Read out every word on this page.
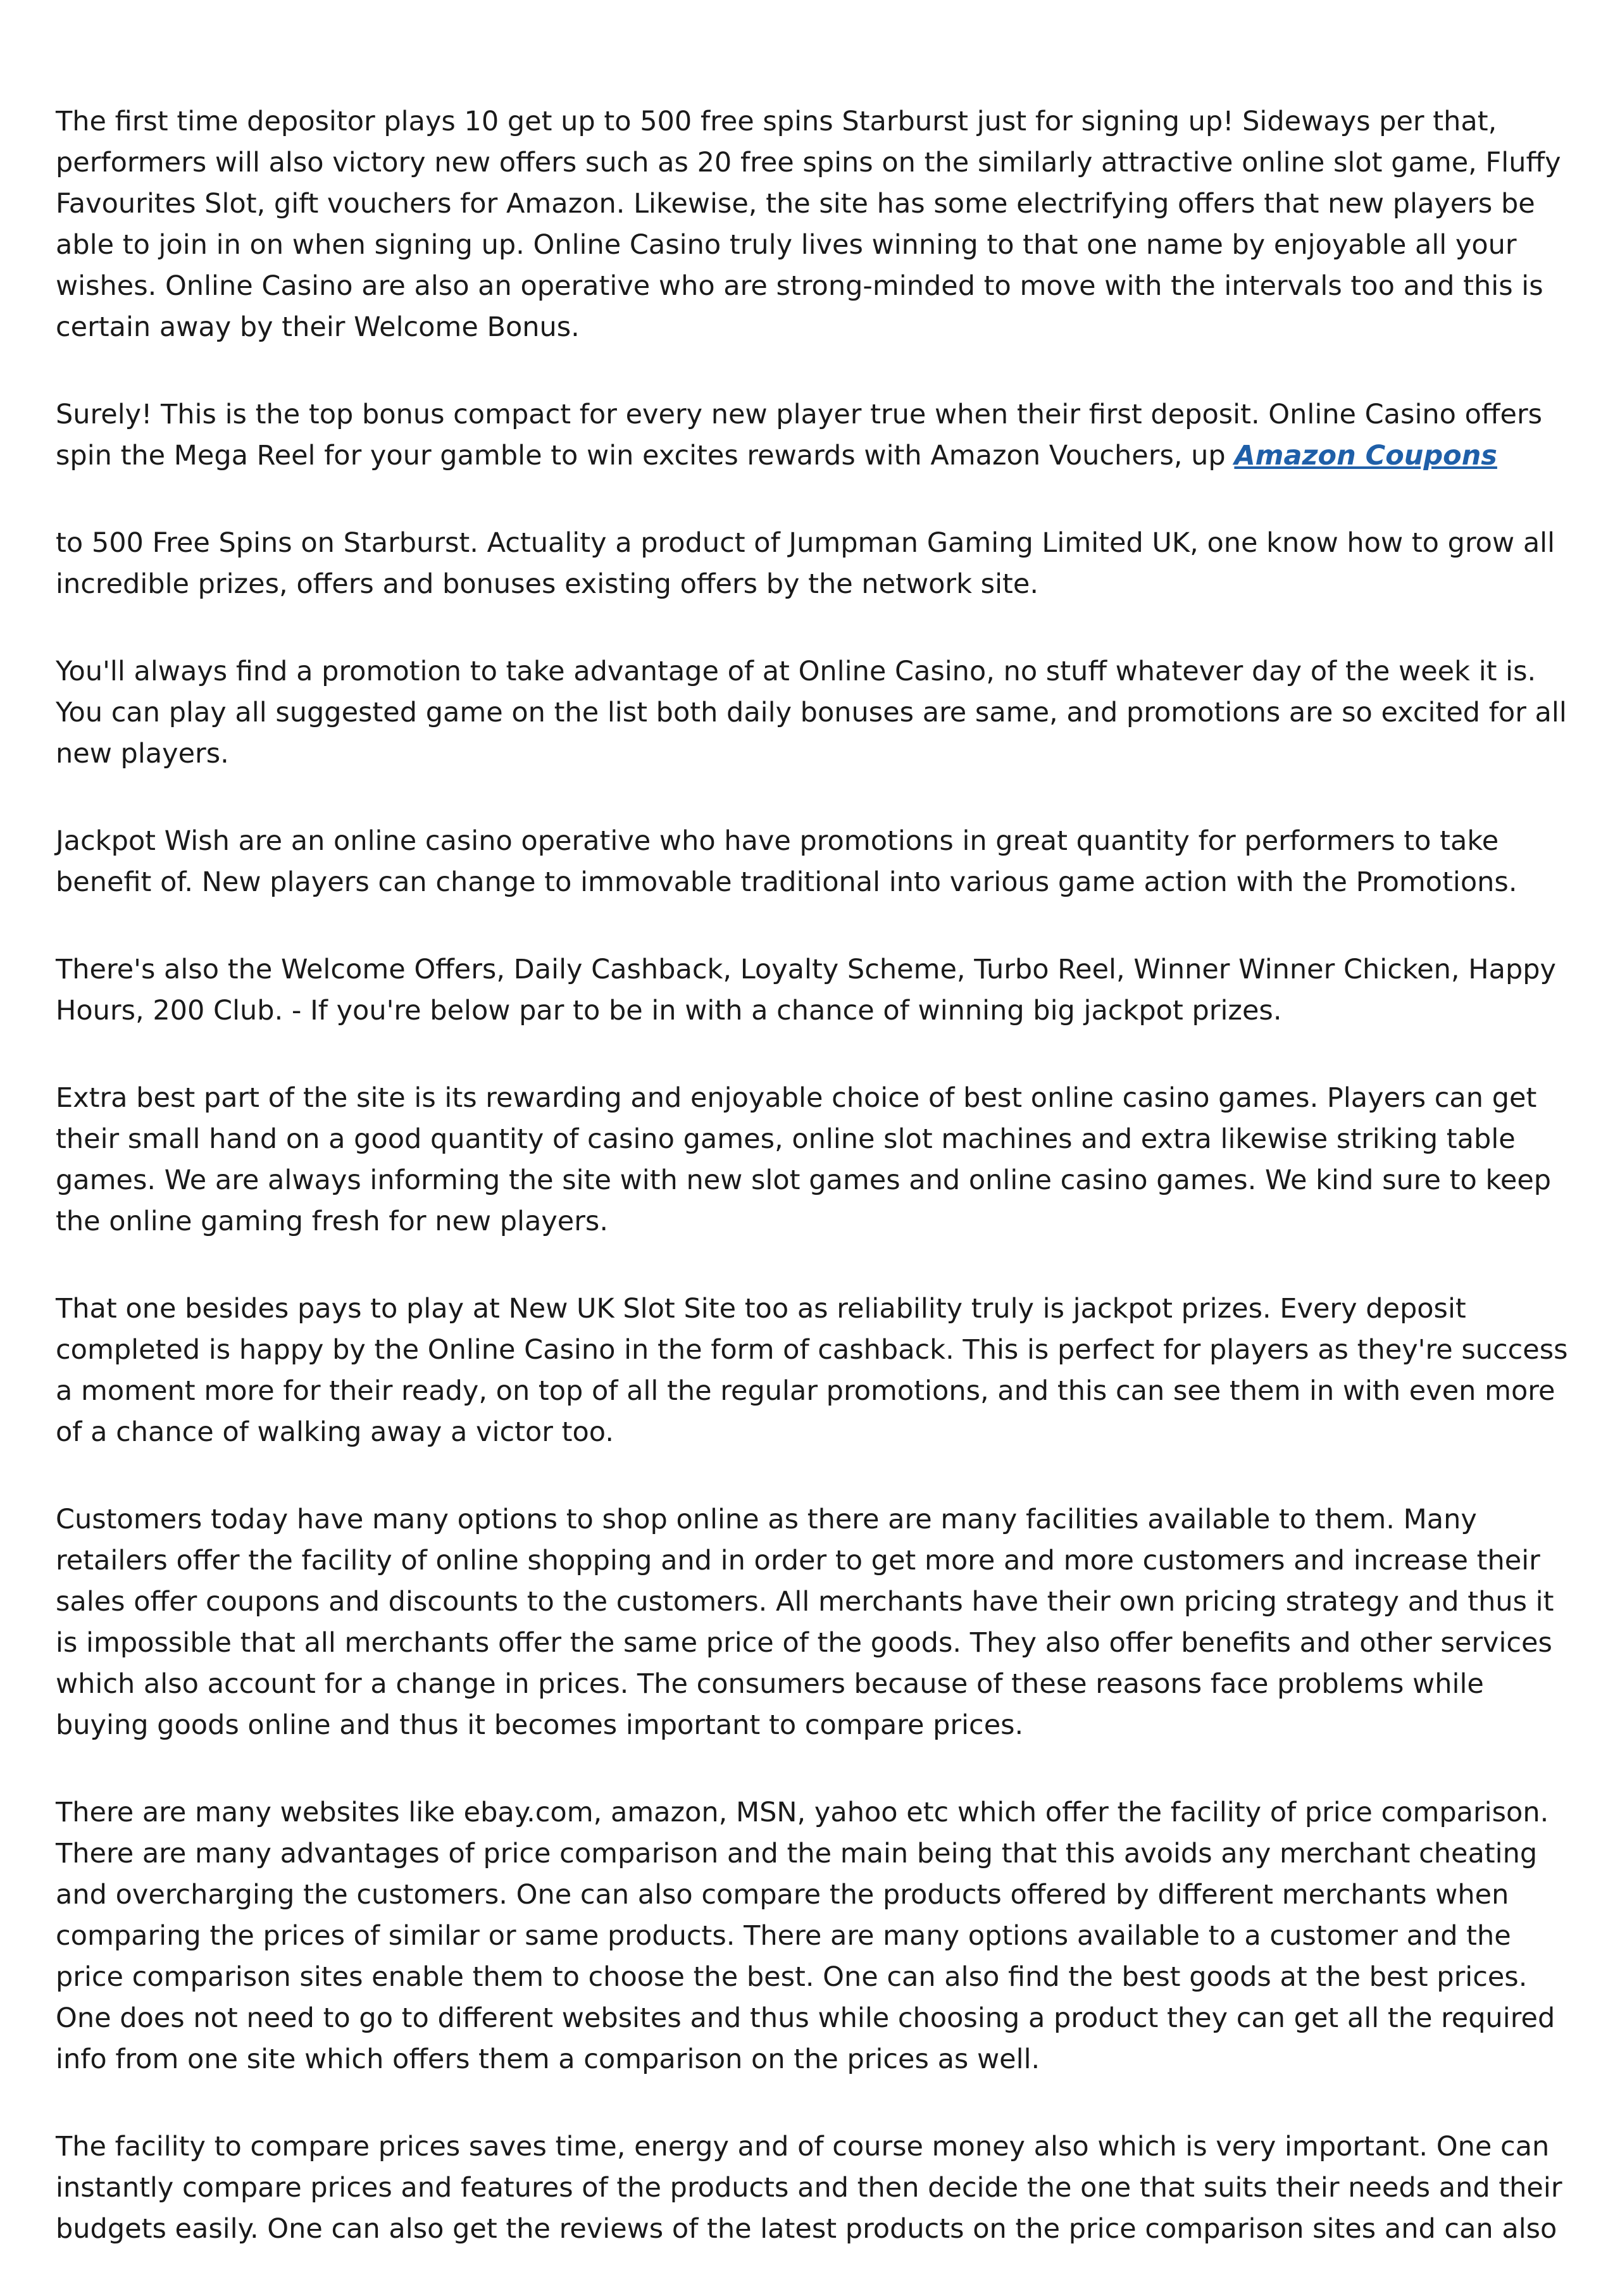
The first time depositor plays 10 get up to 500 free spins Starburst just for signing up! Sideways per that, performers will also victory new offers such as 20 free spins on the similarly attractive online slot game, Fluffy Favourites Slot, gift vouchers for Amazon. Likewise, the site has some electrifying offers that new players be able to join in on when signing up. Online Casino truly lives winning to that one name by enjoyable all your wishes. Online Casino are also an operative who are strong-minded to move with the intervals too and this is certain away by their Welcome Bonus.

Surely! This is the top bonus compact for every new player true when their first deposit. Online Casino offers spin the Mega Reel for your gamble to win excites rewards with Amazon Vouchers, up Amazon Coupons

to 500 Free Spins on Starburst. Actuality a product of Jumpman Gaming Limited UK, one know how to grow all incredible prizes, offers and bonuses existing offers by the network site.

You'll always find a promotion to take advantage of at Online Casino, no stuff whatever day of the week it is. You can play all suggested game on the list both daily bonuses are same, and promotions are so excited for all new players.

Jackpot Wish are an online casino operative who have promotions in great quantity for performers to take benefit of. New players can change to immovable traditional into various game action with the Promotions.

There's also the Welcome Offers, Daily Cashback, Loyalty Scheme, Turbo Reel, Winner Winner Chicken, Happy Hours, 200 Club. - If you're below par to be in with a chance of winning big jackpot prizes.

Extra best part of the site is its rewarding and enjoyable choice of best online casino games. Players can get their small hand on a good quantity of casino games, online slot machines and extra likewise striking table games. We are always informing the site with new slot games and online casino games. We kind sure to keep the online gaming fresh for new players.

That one besides pays to play at New UK Slot Site too as reliability truly is jackpot prizes. Every deposit completed is happy by the Online Casino in the form of cashback. This is perfect for players as they're success a moment more for their ready, on top of all the regular promotions, and this can see them in with even more of a chance of walking away a victor too.

Customers today have many options to shop online as there are many facilities available to them. Many retailers offer the facility of online shopping and in order to get more and more customers and increase their sales offer coupons and discounts to the customers. All merchants have their own pricing strategy and thus it is impossible that all merchants offer the same price of the goods. They also offer benefits and other services which also account for a change in prices. The consumers because of these reasons face problems while buying goods online and thus it becomes important to compare prices.

There are many websites like ebay.com, amazon, MSN, yahoo etc which offer the facility of price comparison. There are many advantages of price comparison and the main being that this avoids any merchant cheating and overcharging the customers. One can also compare the products offered by different merchants when comparing the prices of similar or same products. There are many options available to a customer and the price comparison sites enable them to choose the best. One can also find the best goods at the best prices. One does not need to go to different websites and thus while choosing a product they can get all the required info from one site which offers them a comparison on the prices as well.

The facility to compare prices saves time, energy and of course money also which is very important. One can instantly compare prices and features of the products and then decide the one that suits their needs and their budgets easily. One can also get the reviews of the latest products on the price comparison sites and can also
